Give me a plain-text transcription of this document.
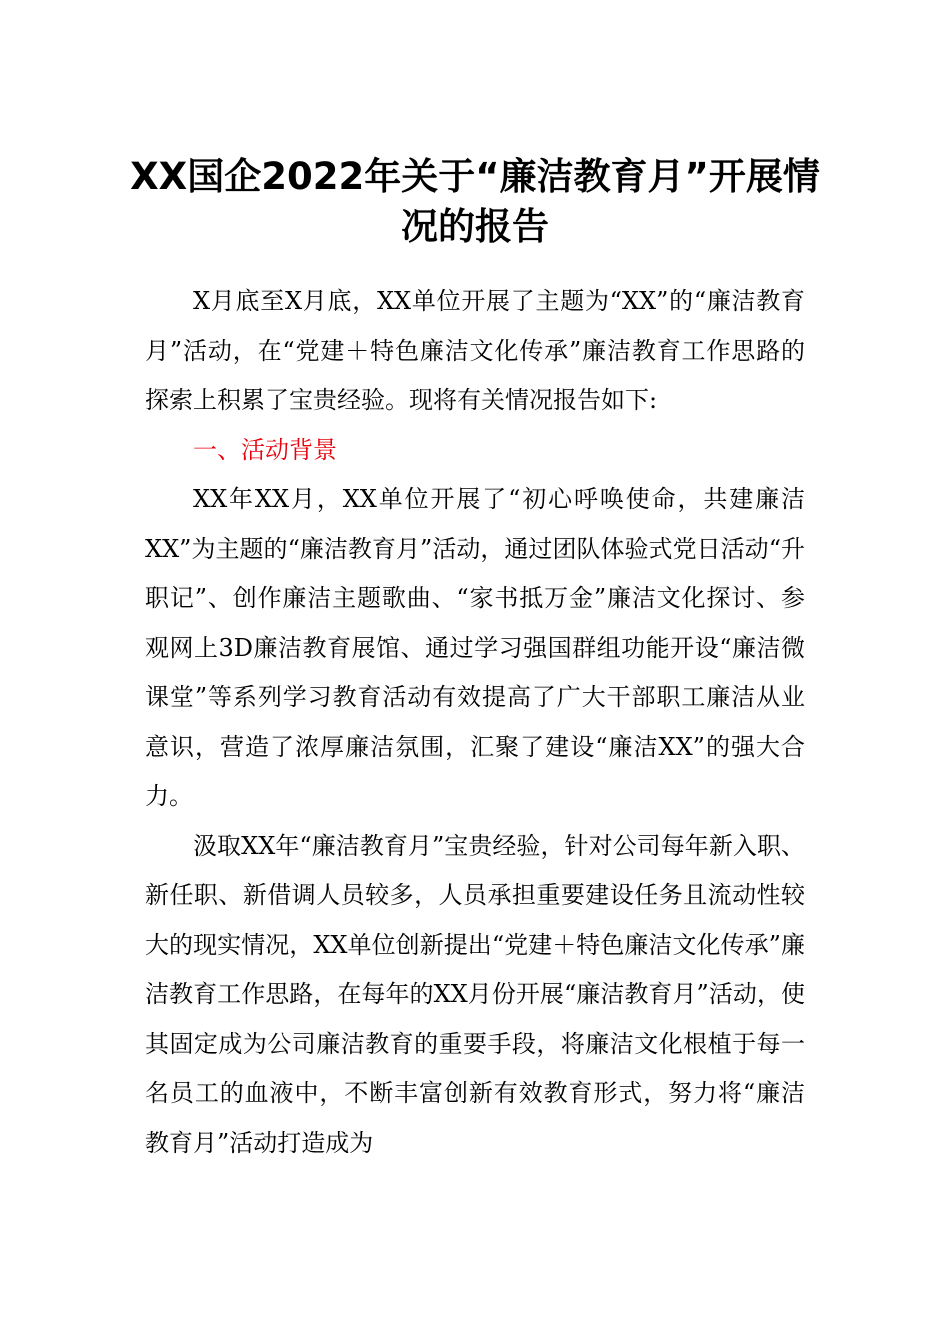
XX国企2022年关于“廉洁教育月”开展情况的报告

X月底至X月底，XX单位开展了主题为“XX”的“廉洁教育月”活动，在“党建＋特色廉洁文化传承”廉洁教育工作思路的探索上积累了宝贵经验。现将有关情况报告如下:

一、活动背景

XX年XX月，XX单位开展了“初心呼唤使命，共建廉洁XX”为主题的“廉洁教育月”活动，通过团队体验式党日活动“升职记”、创作廉洁主题歌曲、“家书抵万金”廉洁文化探讨、参观网上3D廉洁教育展馆、通过学习强国群组功能开设“廉洁微课堂”等系列学习教育活动有效提高了广大干部职工廉洁从业意识，营造了浓厚廉洁氛围，汇聚了建设“廉洁XX”的强大合力。

汲取XX年“廉洁教育月”宝贵经验，针对公司每年新入职、新任职、新借调人员较多，人员承担重要建设任务且流动性较大的现实情况，XX单位创新提出“党建＋特色廉洁文化传承”廉洁教育工作思路，在每年的XX月份开展“廉洁教育月”活动，使其固定成为公司廉洁教育的重要手段，将廉洁文化根植于每一名员工的血液中，不断丰富创新有效教育形式，努力将“廉洁教育月”活动打造成为
